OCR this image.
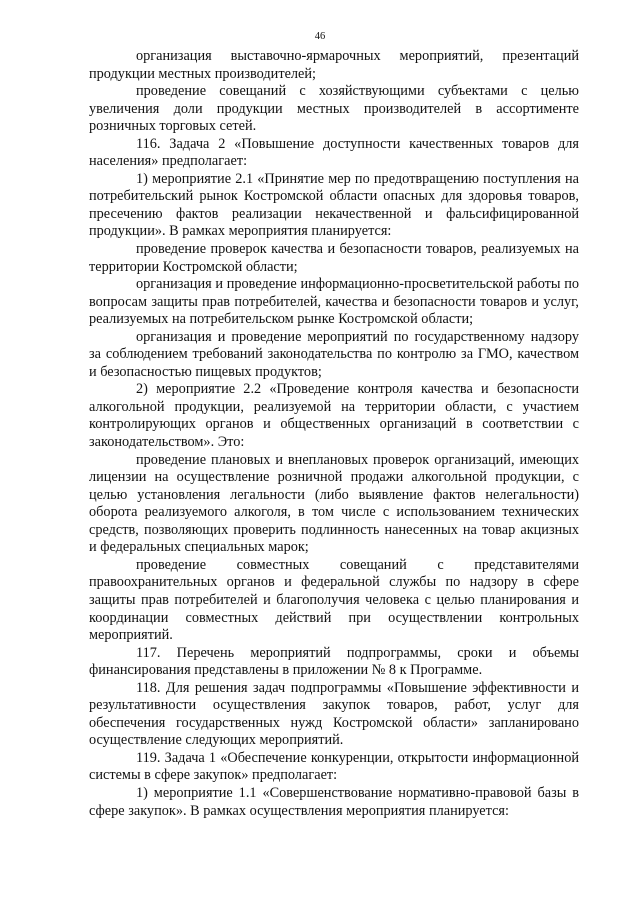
46

организация выставочно-ярмарочных мероприятий, презентаций продукции местных производителей;

проведение совещаний с хозяйствующими субъектами с целью увеличения доли продукции местных производителей в ассортименте розничных торговых сетей.

116. Задача 2 «Повышение доступности качественных товаров для населения» предполагает:

1) мероприятие 2.1 «Принятие мер по предотвращению поступления на потребительский рынок Костромской области опасных для здоровья товаров, пресечению фактов реализации некачественной и фальсифицированной продукции». В рамках мероприятия планируется:

проведение проверок качества и безопасности товаров, реализуемых на территории Костромской области;

организация и проведение информационно-просветительской работы по вопросам защиты прав потребителей, качества и безопасности товаров и услуг, реализуемых на потребительском рынке Костромской области;

организация и проведение мероприятий по государственному надзору за соблюдением требований законодательства по контролю за ГМО, качеством и безопасностью пищевых продуктов;

2) мероприятие 2.2 «Проведение контроля качества и безопасности алкогольной продукции, реализуемой на территории области, с участием контролирующих органов и общественных организаций в соответствии с законодательством». Это:

проведение плановых и внеплановых проверок организаций, имеющих лицензии на осуществление розничной продажи алкогольной продукции, с целью установления легальности (либо выявление фактов нелегальности) оборота реализуемого алкоголя, в том числе с использованием технических средств, позволяющих проверить подлинность нанесенных на товар акцизных и федеральных специальных марок;

проведение совместных совещаний с представителями правоохранительных органов и федеральной службы по надзору в сфере защиты прав потребителей и благополучия человека с целью планирования и координации совместных действий при осуществлении контрольных мероприятий.

117. Перечень мероприятий подпрограммы, сроки и объемы финансирования представлены в приложении № 8 к Программе.

118. Для решения задач подпрограммы «Повышение эффективности и результативности осуществления закупок товаров, работ, услуг для обеспечения государственных нужд Костромской области» запланировано осуществление следующих мероприятий.

119. Задача 1 «Обеспечение конкуренции, открытости информационной системы в сфере закупок» предполагает:

1) мероприятие 1.1 «Совершенствование нормативно-правовой базы в сфере закупок». В рамках осуществления мероприятия планируется:
